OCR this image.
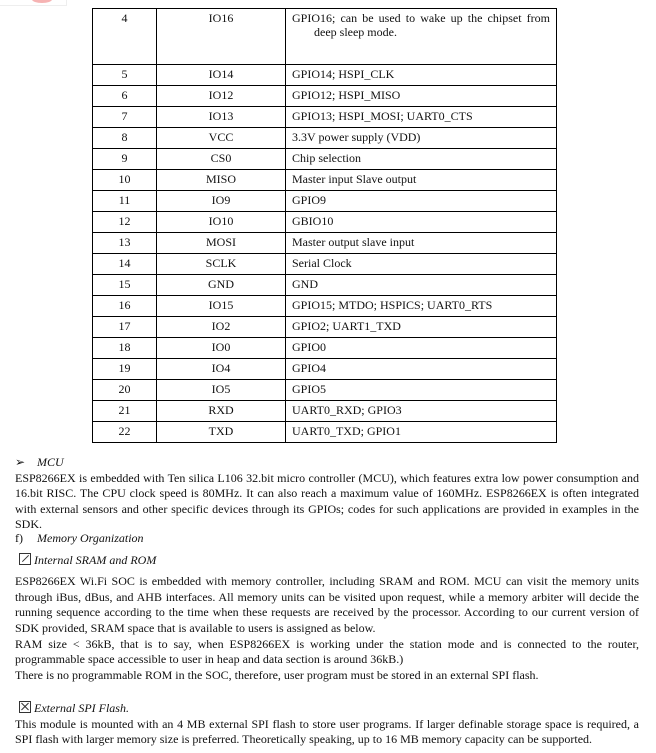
4	IO16	GPIO16; can be used to wake up the chipset from
deep sleep mode.

5	IO14	GPIO14; HSPI_CLK
6	IO12	GPIO12; HSPI_MISO
7	IO13	GPIO13; HSPI_MOSI; UART0_CTS
8	VCC	3.3V power supply (VDD)
9	CS0	Chip selection
10	MISO	Master input Slave output
11	IO9	GPIO9
12	IO10	GBIO10
13	MOSI	Master output slave input
14	SCLK	Serial Clock
15	GND	GND
16	IO15	GPIO15; MTDO; HSPICS; UART0_RTS
17	IO2	GPIO2; UART1_TXD
18	IO0	GPIO0
19	IO4	GPIO4
20	IO5	GPIO5
21	RXD	UART0_RXD; GPIO3
22	TXD	UART0_TXD; GPIO1

➢ MCU

ESP8266EX is embedded with Ten silica L106 32.bit micro controller (MCU), which features extra low power consumption and 16.bit RISC. The CPU clock speed is 80MHz. It can also reach a maximum value of 160MHz. ESP8266EX is often integrated with external sensors and other specific devices through its GPIOs; codes for such applications are provided in examples in the SDK.

f) Memory Organization

Internal SRAM and ROM

ESP8266EX Wi.Fi SOC is embedded with memory controller, including SRAM and ROM. MCU can visit the memory units through iBus, dBus, and AHB interfaces. All memory units can be visited upon request, while a memory arbiter will decide the running sequence according to the time when these requests are received by the processor. According to our current version of SDK provided, SRAM space that is available to users is assigned as below.

RAM size < 36kB, that is to say, when ESP8266EX is working under the station mode and is connected to the router, programmable space accessible to user in heap and data section is around 36kB.)

There is no programmable ROM in the SOC, therefore, user program must be stored in an external SPI flash.

External SPI Flash.

This module is mounted with an 4 MB external SPI flash to store user programs. If larger definable storage space is required, a SPI flash with larger memory size is preferred. Theoretically speaking, up to 16 MB memory capacity can be supported.
